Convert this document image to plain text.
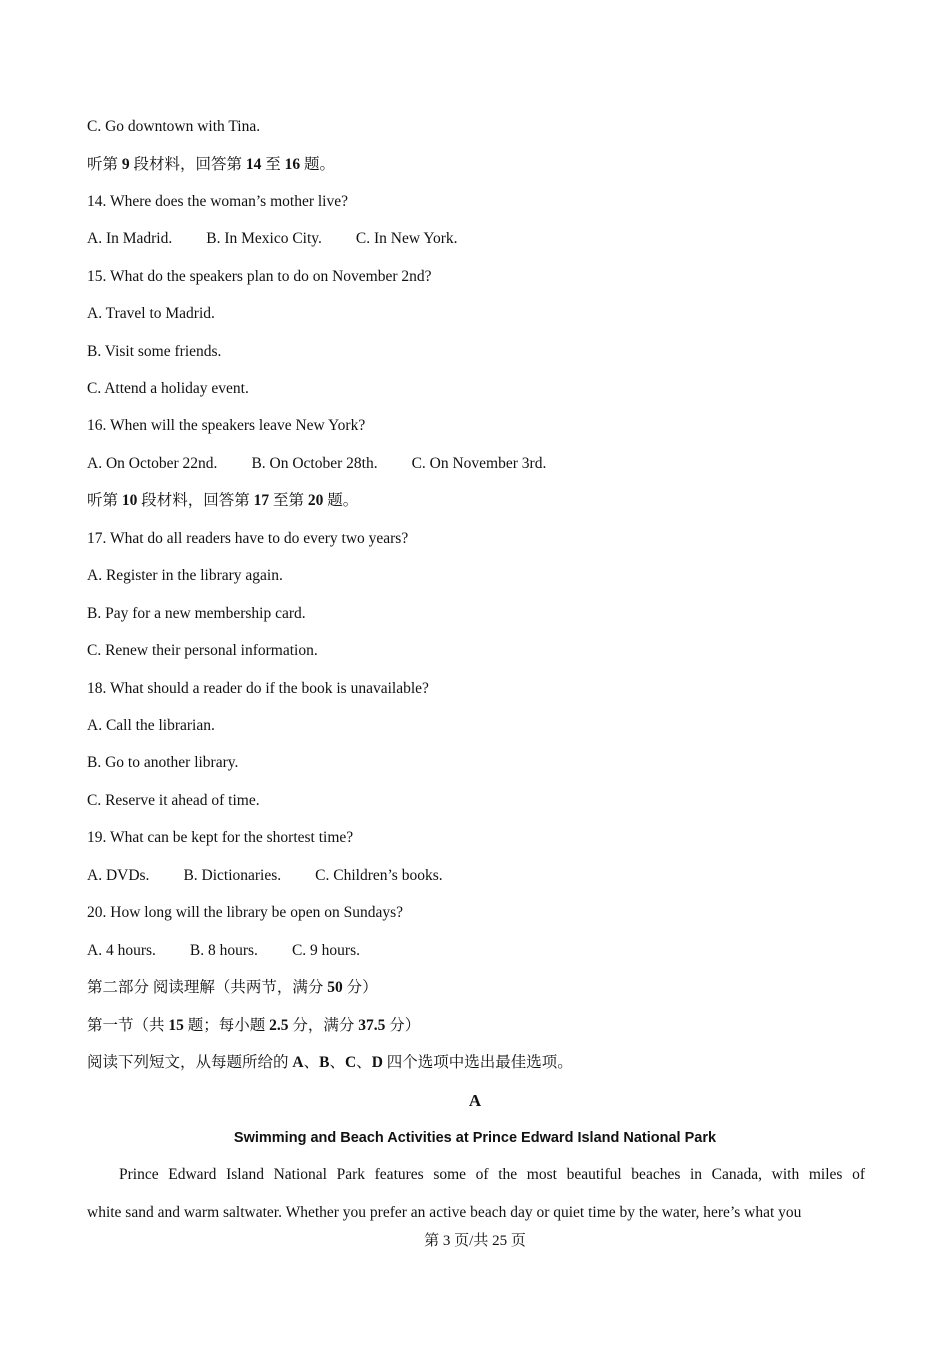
C. Go downtown with Tina.
听第 9 段材料，回答第 14 至 16 题。
14. Where does the woman’s mother live?
A. In Madrid. B. In Mexico City. C. In New York.
15. What do the speakers plan to do on November 2nd?
A. Travel to Madrid.
B. Visit some friends.
C. Attend a holiday event.
16. When will the speakers leave New York?
A. On October 22nd. B. On October 28th. C. On November 3rd.
听第 10 段材料，回答第 17 至第 20 题。
17. What do all readers have to do every two years?
A. Register in the library again.
B. Pay for a new membership card.
C. Renew their personal information.
18. What should a reader do if the book is unavailable?
A. Call the librarian.
B. Go to another library.
C. Reserve it ahead of time.
19. What can be kept for the shortest time?
A. DVDs. B. Dictionaries. C. Children’s books.
20. How long will the library be open on Sundays?
A. 4 hours. B. 8 hours. C. 9 hours.
第二部分 阅读理解（共两节，满分 50 分）
第一节（共 15 题；每小题 2.5 分，满分 37.5 分）
阅读下列短文，从每题所给的 A、B、C、D 四个选项中选出最佳选项。
A
Swimming and Beach Activities at Prince Edward Island National Park
Prince Edward Island National Park features some of the most beautiful beaches in Canada, with miles of
white sand and warm saltwater. Whether you prefer an active beach day or quiet time by the water, here’s what you
第 3 页/共 25 页
